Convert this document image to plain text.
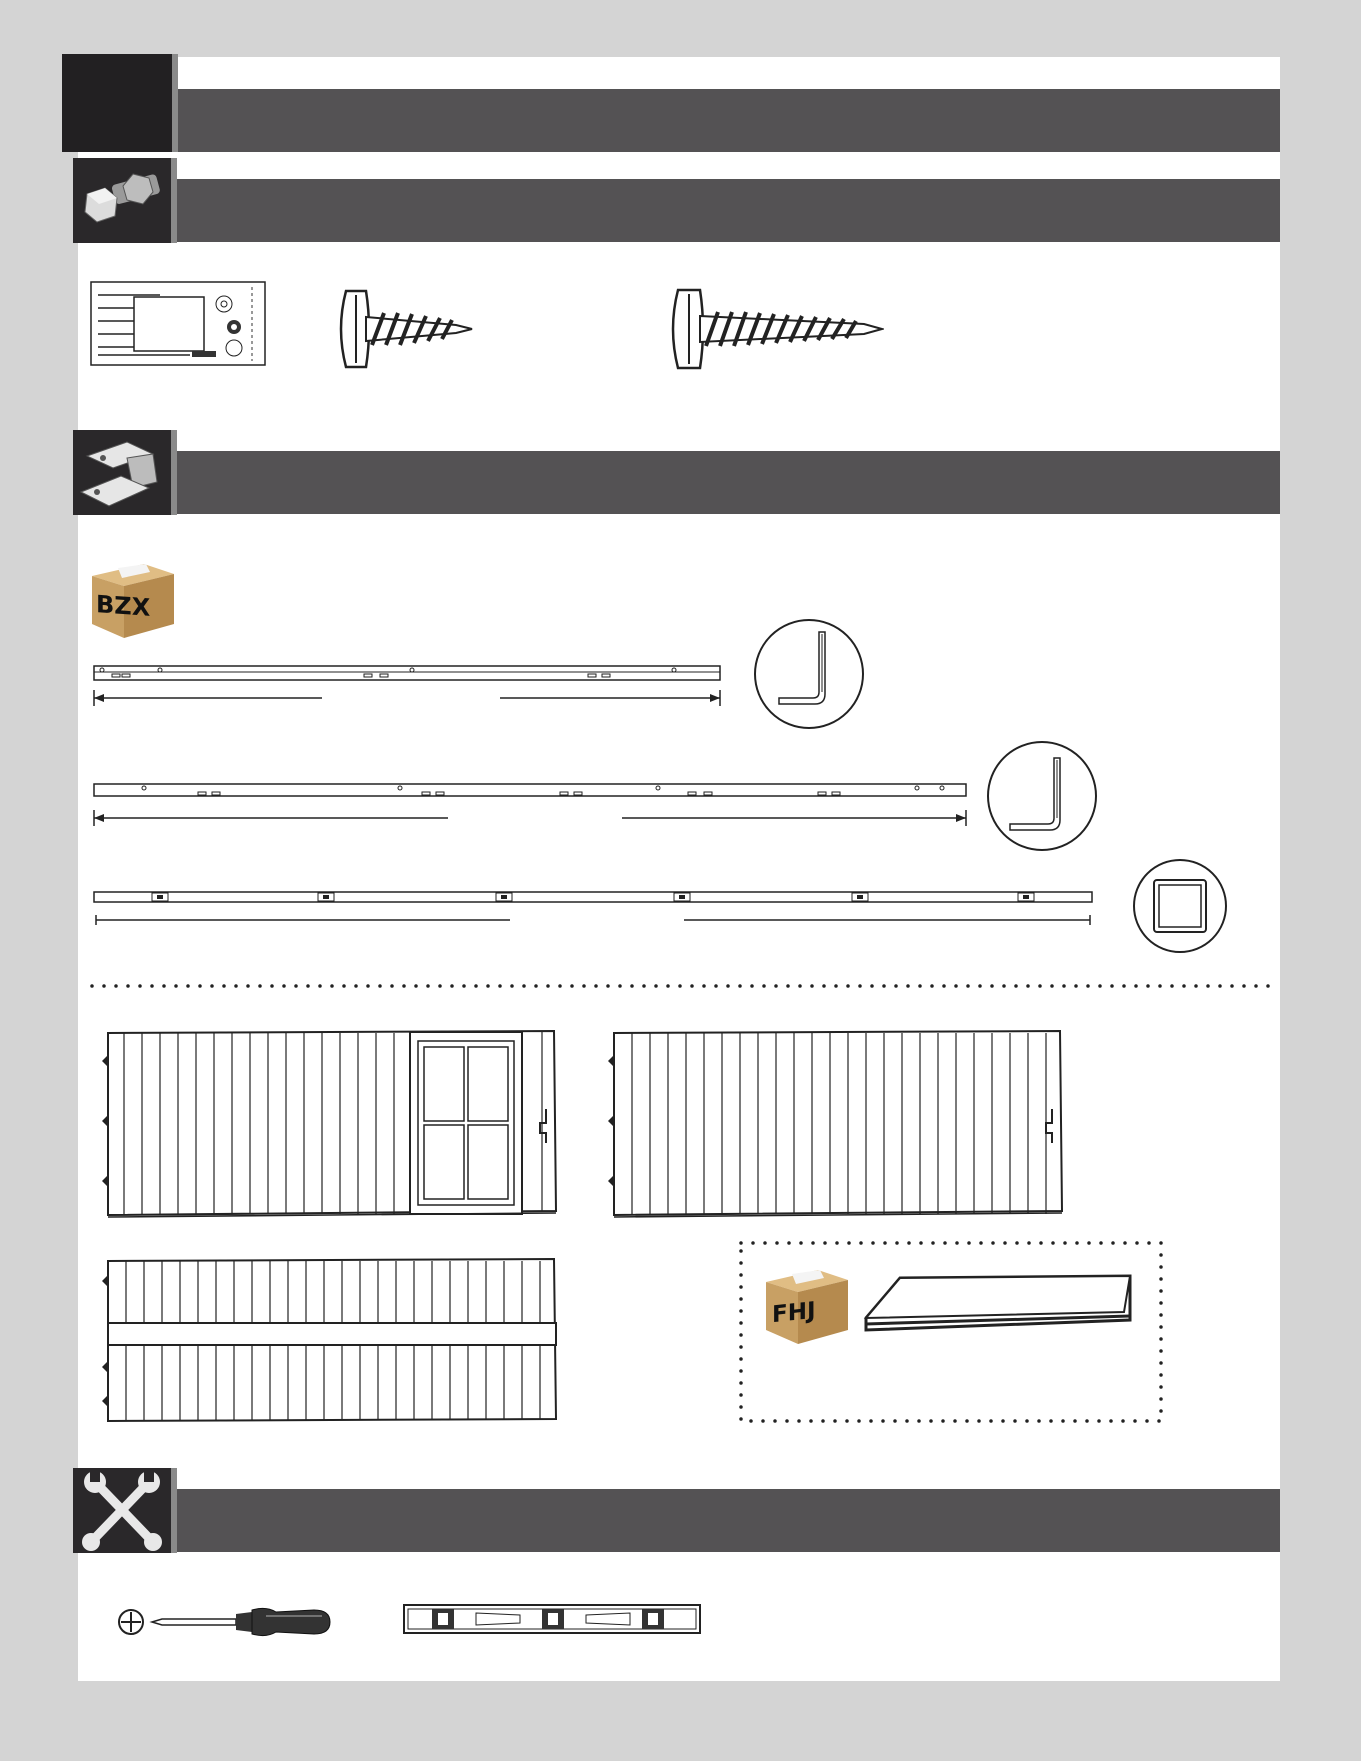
BZX
FHJ
